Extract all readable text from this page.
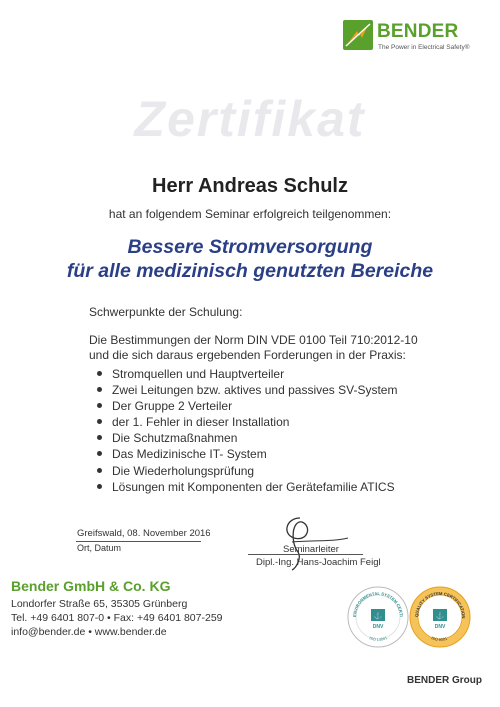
BENDER
The Power in Electrical Safety®
Zertifikat
Herr Andreas Schulz
hat an folgendem Seminar erfolgreich teilgenommen:
Bessere Stromversorgung
für alle medizinisch genutzten Bereiche
Schwerpunkte der Schulung:
Die Bestimmungen der Norm DIN VDE 0100 Teil 710:2012-10 und die sich daraus ergebenden Forderungen in der Praxis:
Stromquellen und Hauptverteiler
Zwei Leitungen bzw. aktives und passives SV-System
Der Gruppe 2 Verteiler
der 1. Fehler in dieser Installation
Die Schutzmaßnahmen
Das Medizinische IT- System
Die Wiederholungsprüfung
Lösungen mit Komponenten der Gerätefamilie ATICS
Greifswald, 08. November 2016
Ort, Datum	Seminarleiter
Dipl.-Ing. Hans-Joachim Feigl
Bender GmbH & Co. KG
Londorfer Straße 65, 35305 Grünberg
Tel. +49 6401 807-0 • Fax: +49 6401 807-259
info@bender.de • www.bender.de
ENVIRONMENTAL SYSTEM CERTI
ISO 14001
⚓
DNV
QUALITY SYSTEM CERTIFICATION
ISO 9001
⚓
DNV
BENDER Group
